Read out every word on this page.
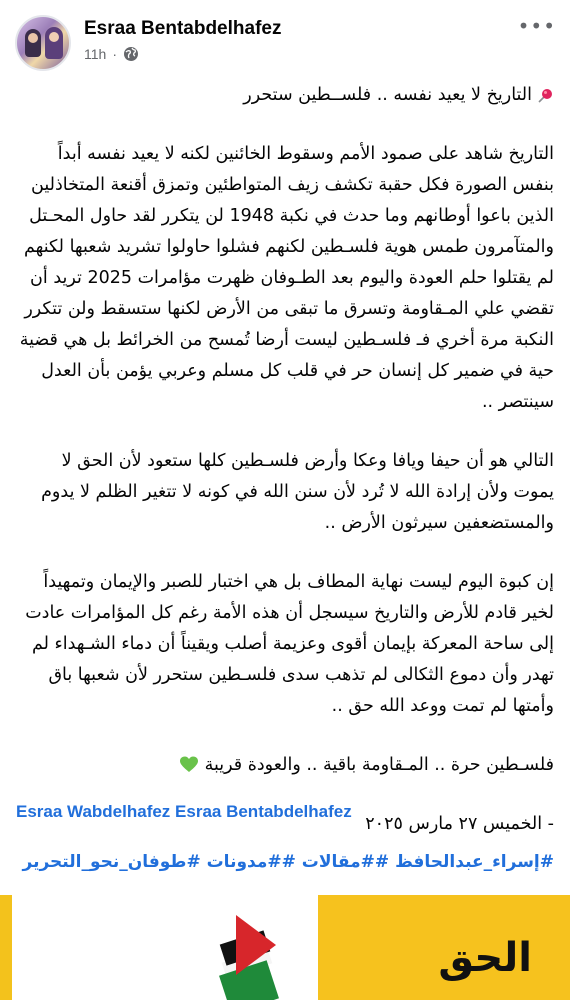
Esraa Bentabdelhafez
11h ·
•••

التاريخ لا يعيد نفسه .. فلســطين ستحرر

التاريخ شاهد على صمود الأمم وسقوط الخائنين لكنه لا يعيد نفسه أبداً بنفس الصورة فكل حقبة تكشف زيف المتواطئين وتمزق أقنعة المتخاذلين الذين باعوا أوطانهم وما حدث في نكبة 1948 لن يتكرر لقد حاول المحـتل والمتآمرون طمس هوية فلسـطين لكنهم فشلوا حاولوا تشريد شعبها لكنهم لم يقتلوا حلم العودة واليوم بعد الطـوفان ظهرت مؤامرات 2025 تريد أن تقضي علي المـقاومة وتسرق ما تبقى من الأرض لكنها ستسقط ولن تتكرر النكبة مرة أخري فـ فلسـطين ليست أرضا تُمسح من الخرائط بل هي قضية حية في ضمير كل إنسان حر في قلب كل مسلم وعربي يؤمن بأن العدل سينتصر ..

التالي هو أن حيفا ويافا وعكا وأرض فلسـطين كلها ستعود لأن الحق لا يموت ولأن إرادة الله لا تُرد لأن سنن الله في كونه لا تتغير الظلم لا يدوم والمستضعفين سيرثون الأرض ..

إن كبوة اليوم ليست نهاية المطاف بل هي اختبار للصبر والإيمان وتمهيداً لخير قادم للأرض والتاريخ سيسجل أن هذه الأمة رغم كل المؤامرات عادت إلى ساحة المعركة بإيمان أقوى وعزيمة أصلب ويقيناً أن دماء الشـهداء لم تهدر وأن دموع الثكالى لم تذهب سدى فلسـطين ستحرر لأن شعبها باق وأمتها لم تمت ووعد الله حق ..

فلسـطين حرة .. المـقاومة باقية .. والعودة قريبة

- الخميس ٢٧ مارس ٢٠٢٥

Esraa Wabdelhafez Esraa Bentabdelhafez
#إسراء_عبدالحافظ ##مقالات ##مدونات #طوفان_نحو_التحرير
الحق
